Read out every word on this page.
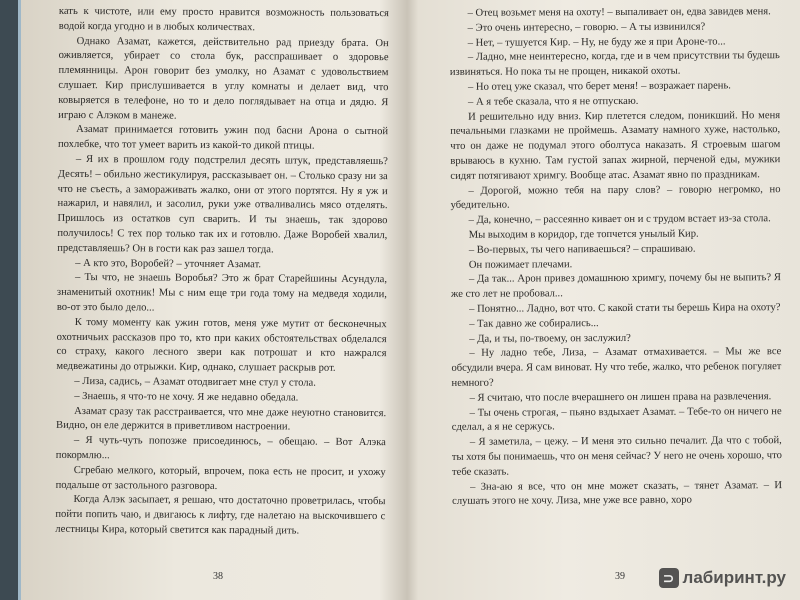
кать к чистоте, или ему просто нравится возможность пользоваться водой когда угодно и в любых количествах.

Однако Азамат, кажется, действительно рад приезду брата. Он оживляется, убирает со стола бук, расспрашивает о здоровье племянницы. Арон говорит без умолку, но Азамат с удовольствием слушает. Кир прислушивается в углу комнаты и делает вид, что ковыряется в телефоне, но то и дело поглядывает на отца и дядю. Я играю с Алэком в манеже.

Азамат принимается готовить ужин под басни Арона о сытной похлебке, что тот умеет варить из какой-то дикой птицы.

– Я их в прошлом году подстрелил десять штук, представляешь? Десять! – обильно жестикулируя, рассказывает он. – Столько сразу ни за что не съесть, а замораживать жалко, они от этого портятся. Ну я уж и нажарил, и навялил, и засолил, руки уже отваливались мясо отделять. Пришлось из остатков суп сварить. И ты знаешь, так здорово получилось! С тех пор только так их и готовлю. Даже Воробей хвалил, представляешь? Он в гости как раз зашел тогда.

– А кто это, Воробей? – уточняет Азамат.

– Ты что, не знаешь Воробья? Это ж брат Старейшины Асундула, знаменитый охотник! Мы с ним еще три года тому на медведя ходили, во-от это было дело...

К тому моменту как ужин готов, меня уже мутит от бесконечных охотничьих рассказов про то, кто при каких обстоятельствах обделался со страху, какого лесного звери как потрошат и кто нажрался медвежатины до отрыжки. Кир, однако, слушает раскрыв рот.

– Лиза, садись, – Азамат отодвигает мне стул у стола.

– Знаешь, я что-то не хочу. Я же недавно обедала.

Азамат сразу так расстраивается, что мне даже неуютно становится. Видно, он еле держится в приветливом настроении.

– Я чуть-чуть попозже присоединюсь, – обещаю. – Вот Алэка покормлю...

Сгребаю мелкого, который, впрочем, пока есть не просит, и ухожу подальше от застольного разговора.

Когда Алэк засыпает, я решаю, что достаточно проветрилась, чтобы пойти попить чаю, и двигаюсь к лифту, где налетаю на выскочившего с лестницы Кира, который светится как парадный дить.

– Отец возьмет меня на охоту! – выпаливает он, едва завидев меня.

– Это очень интересно, – говорю. – А ты извинился?

– Нет, – тушуется Кир. – Ну, не буду же я при Ароне-то...

– Ладно, мне неинтересно, когда, где и в чем присутствии ты будешь извиняться. Но пока ты не прощен, никакой охоты.

– Но отец уже сказал, что берет меня! – возражает парень.

– А я тебе сказала, что я не отпускаю.

И решительно иду вниз. Кир плетется следом, поникший. Но меня печальными глазками не проймешь. Азамату намного хуже, настолько, что он даже не подумал этого оболтуса наказать. Я строевым шагом врываюсь в кухню. Там густой запах жирной, перченой еды, мужики сидят потягивают хримгу. Вообще атас. Азамат явно по праздникам.

– Дорогой, можно тебя на пару слов? – говорю негромко, но убедительно.

– Да, конечно, – рассеянно кивает он и с трудом встает из-за стола.

Мы выходим в коридор, где топчется унылый Кир.

– Во-первых, ты чего напиваешься? – спрашиваю.

Он пожимает плечами.

– Да так... Арон привез домашнюю хримгу, почему бы не выпить? Я же сто лет не пробовал...

– Понятно... Ладно, вот что. С какой стати ты берешь Кира на охоту?

– Так давно же собирались...

– Да, и ты, по-твоему, он заслужил?

– Ну ладно тебе, Лиза, – Азамат отмахивается. – Мы же все обсудили вчера. Я сам виноват. Ну что тебе, жалко, что ребенок погуляет немного?

– Я считаю, что после вчерашнего он лишен права на развлечения.

– Ты очень строгая, – пьяно вздыхает Азамат. – Тебе-то он ничего не сделал, а я не сержусь.

– Я заметила, – цежу. – И меня это сильно печалит. Да что с тобой, ты хотя бы понимаешь, что он меня сейчас? У него не очень хорошо, что тебе сказать.

– Зна-аю я все, что он мне может сказать, – тянет Азамат. – И слушать этого не хочу. Лиза, мне уже все равно, хоро

38	39	⊃ лабиринт.ру
